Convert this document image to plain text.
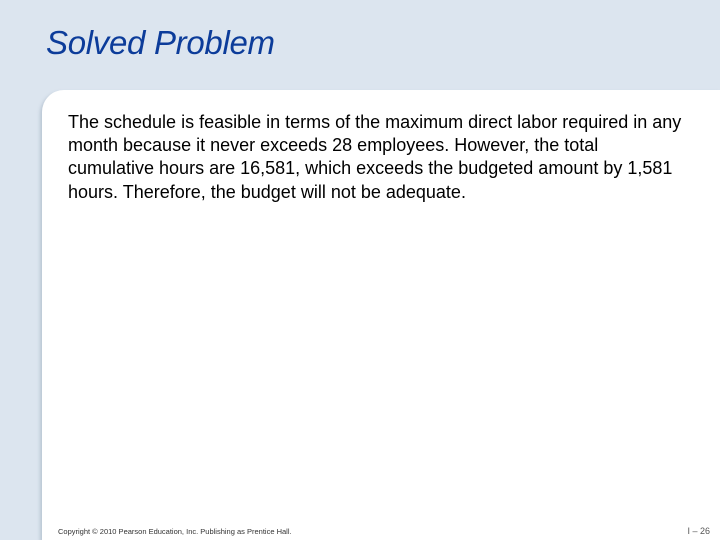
Solved Problem

The schedule is feasible in terms of the maximum direct labor required in any month because it never exceeds 28 employees. However, the total cumulative hours are 16,581, which exceeds the budgeted amount by 1,581 hours. Therefore, the budget will not be adequate.

Copyright © 2010 Pearson Education, Inc. Publishing as Prentice Hall.	I – 26
